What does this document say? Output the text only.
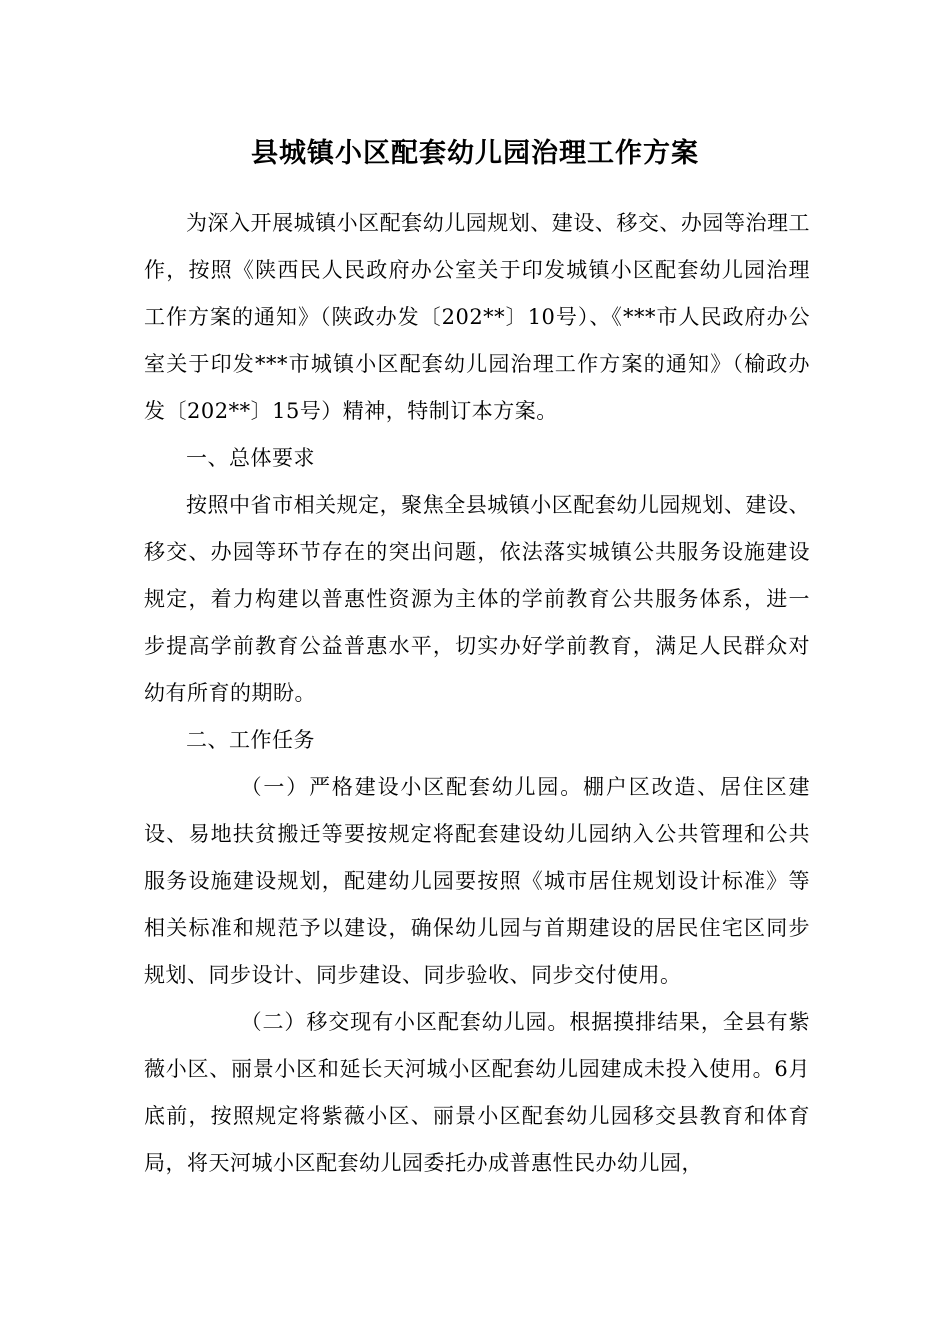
县城镇小区配套幼儿园治理工作方案

为深入开展城镇小区配套幼儿园规划、建设、移交、办园等治理工作，按照《陕西民人民政府办公室关于印发城镇小区配套幼儿园治理工作方案的通知》（陕政办发〔202**〕10号）、《***市人民政府办公室关于印发***市城镇小区配套幼儿园治理工作方案的通知》（榆政办发〔202**〕15号）精神，特制订本方案。

一、总体要求

按照中省市相关规定，聚焦全县城镇小区配套幼儿园规划、建设、移交、办园等环节存在的突出问题，依法落实城镇公共服务设施建设规定，着力构建以普惠性资源为主体的学前教育公共服务体系，进一步提高学前教育公益普惠水平，切实办好学前教育，满足人民群众对幼有所育的期盼。

二、工作任务

（一）严格建设小区配套幼儿园。棚户区改造、居住区建设、易地扶贫搬迁等要按规定将配套建设幼儿园纳入公共管理和公共服务设施建设规划，配建幼儿园要按照《城市居住规划设计标准》等相关标准和规范予以建设，确保幼儿园与首期建设的居民住宅区同步规划、同步设计、同步建设、同步验收、同步交付使用。

（二）移交现有小区配套幼儿园。根据摸排结果，全县有紫薇小区、丽景小区和延长天河城小区配套幼儿园建成未投入使用。6月底前，按照规定将紫薇小区、丽景小区配套幼儿园移交县教育和体育局，将天河城小区配套幼儿园委托办成普惠性民办幼儿园，
